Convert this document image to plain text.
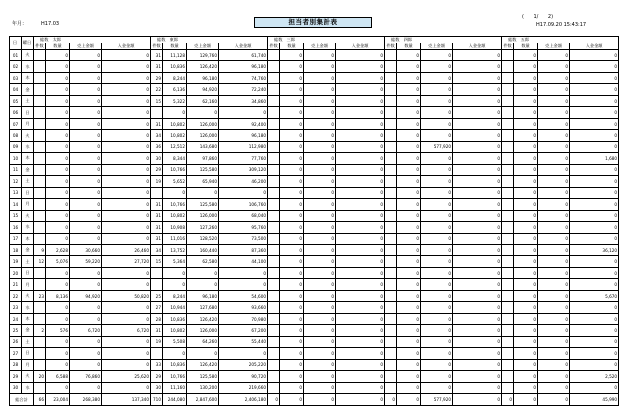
年月：	H17.03	担当者別集計表
(      1/      2)
H17.09.20 15:43:17
日	曜日	総数　太郎				総数　東郎				総数　三郎				総数　四郎				総数　五郎			
		件数	数量	売上金額	入金金額	件数	数量	売上金額	入金金額	件数	数量	売上金額	入金金額	件数	数量	売上金額	入金金額	件数	数量	売上金額	入金金額
01	火		0	0	0	31	11,128	129,760	61,740		0	0	0		0	0	0		0	0	0
02	水		0	0	0	31	10,836	126,420	96,180		0	0	0		0	0	0		0	0	0
03	木		0	0	0	29	8,244	96,180	74,760		0	0	0		0	0	0		0	0	0
04	金		0	0	0	22	6,136	94,920	72,240		0	0	0		0	0	0		0	0	0
05	土		0	0	0	15	5,322	62,160	34,860		0	0	0		0	0	0		0	0	0
06	日		0	0	0		0	0	0		0	0	0		0	0	0		0	0	0
07	月		0	0	0	31	10,802	126,000	92,400		0	0	0		0	0	0		0	0	0
08	火		0	0	0	34	10,802	126,000	96,180		0	0	0		0	0	0		0	0	0
09	水		0	0	0	36	12,512	143,680	112,980		0	0	0		0	577,920	0		0	0	0
10	木		0	0	0	30	8,344	97,860	77,760		0	0	0		0	0	0		0	0	1,680
11	金		0	0	0	29	10,766	125,580	309,120		0	0	0		0	0	0		0	0	0
12	土		0	0	0	19	5,652	65,940	46,200		0	0	0		0	0	0		0	0	0
13	日		0	0	0		0	0	0		0	0	0		0	0	0		0	0	0
14	月		0	0	0	31	10,766	125,580	106,760		0	0	0		0	0	0		0	0	0
15	火		0	0	0	31	10,802	126,000	68,040		0	0	0		0	0	0		0	0	0
16	水		0	0	0	31	10,908	127,260	95,760		0	0	0		0	0	0		0	0	0
17	木		0	0	0	31	11,016	128,520	73,500		0	0	0		0	0	0		0	0	0
18	金	9	2,628	30,660	26,460	34	13,752	160,440	87,360		0	0	0		0	0	0		0	0	36,120
19	土	12	5,076	59,220	27,720	15	5,364	62,580	44,100		0	0	0		0	0	0		0	0	0
20	日		0	0	0		0	0	0		0	0	0		0	0	0		0	0	0
21	月		0	0	0		0	0	0		0	0	0		0	0	0		0	0	0
22	火	23	8,136	94,920	50,820	25	8,244	96,180	54,600		0	0	0		0	0	0		0	0	5,670
23	水		0	0	0	27	10,944	127,680	93,660		0	0	0		0	0	0		0	0	0
24	木		0	0	0	28	10,836	126,420	70,980		0	0	0		0	0	0		0	0	0
25	金	2	576	6,720	6,720	31	10,802	126,000	67,200		0	0	0		0	0	0		0	0	0
26	土		0	0	0	19	5,508	64,260	55,440		0	0	0		0	0	0		0	0	0
27	日		0	0	0		0	0	0		0	0	0		0	0	0		0	0	0
28	月		0	0	0	33	10,836	126,420	205,220		0	0	0		0	0	0		0	0	0
29	火	20	6,588	76,860	25,620	29	10,766	125,580	90,720		0	0	0		0	0	0		0	0	2,520
30	水		0	0	0	30	11,160	130,200	219,660		0	0	0		0	0	0		0	0	0
総合計		66	23,004	268,380	137,340	710	244,080	2,847,600	2,406,180	0	0	0	0	0	0	577,920	0	0	0	0	45,990
